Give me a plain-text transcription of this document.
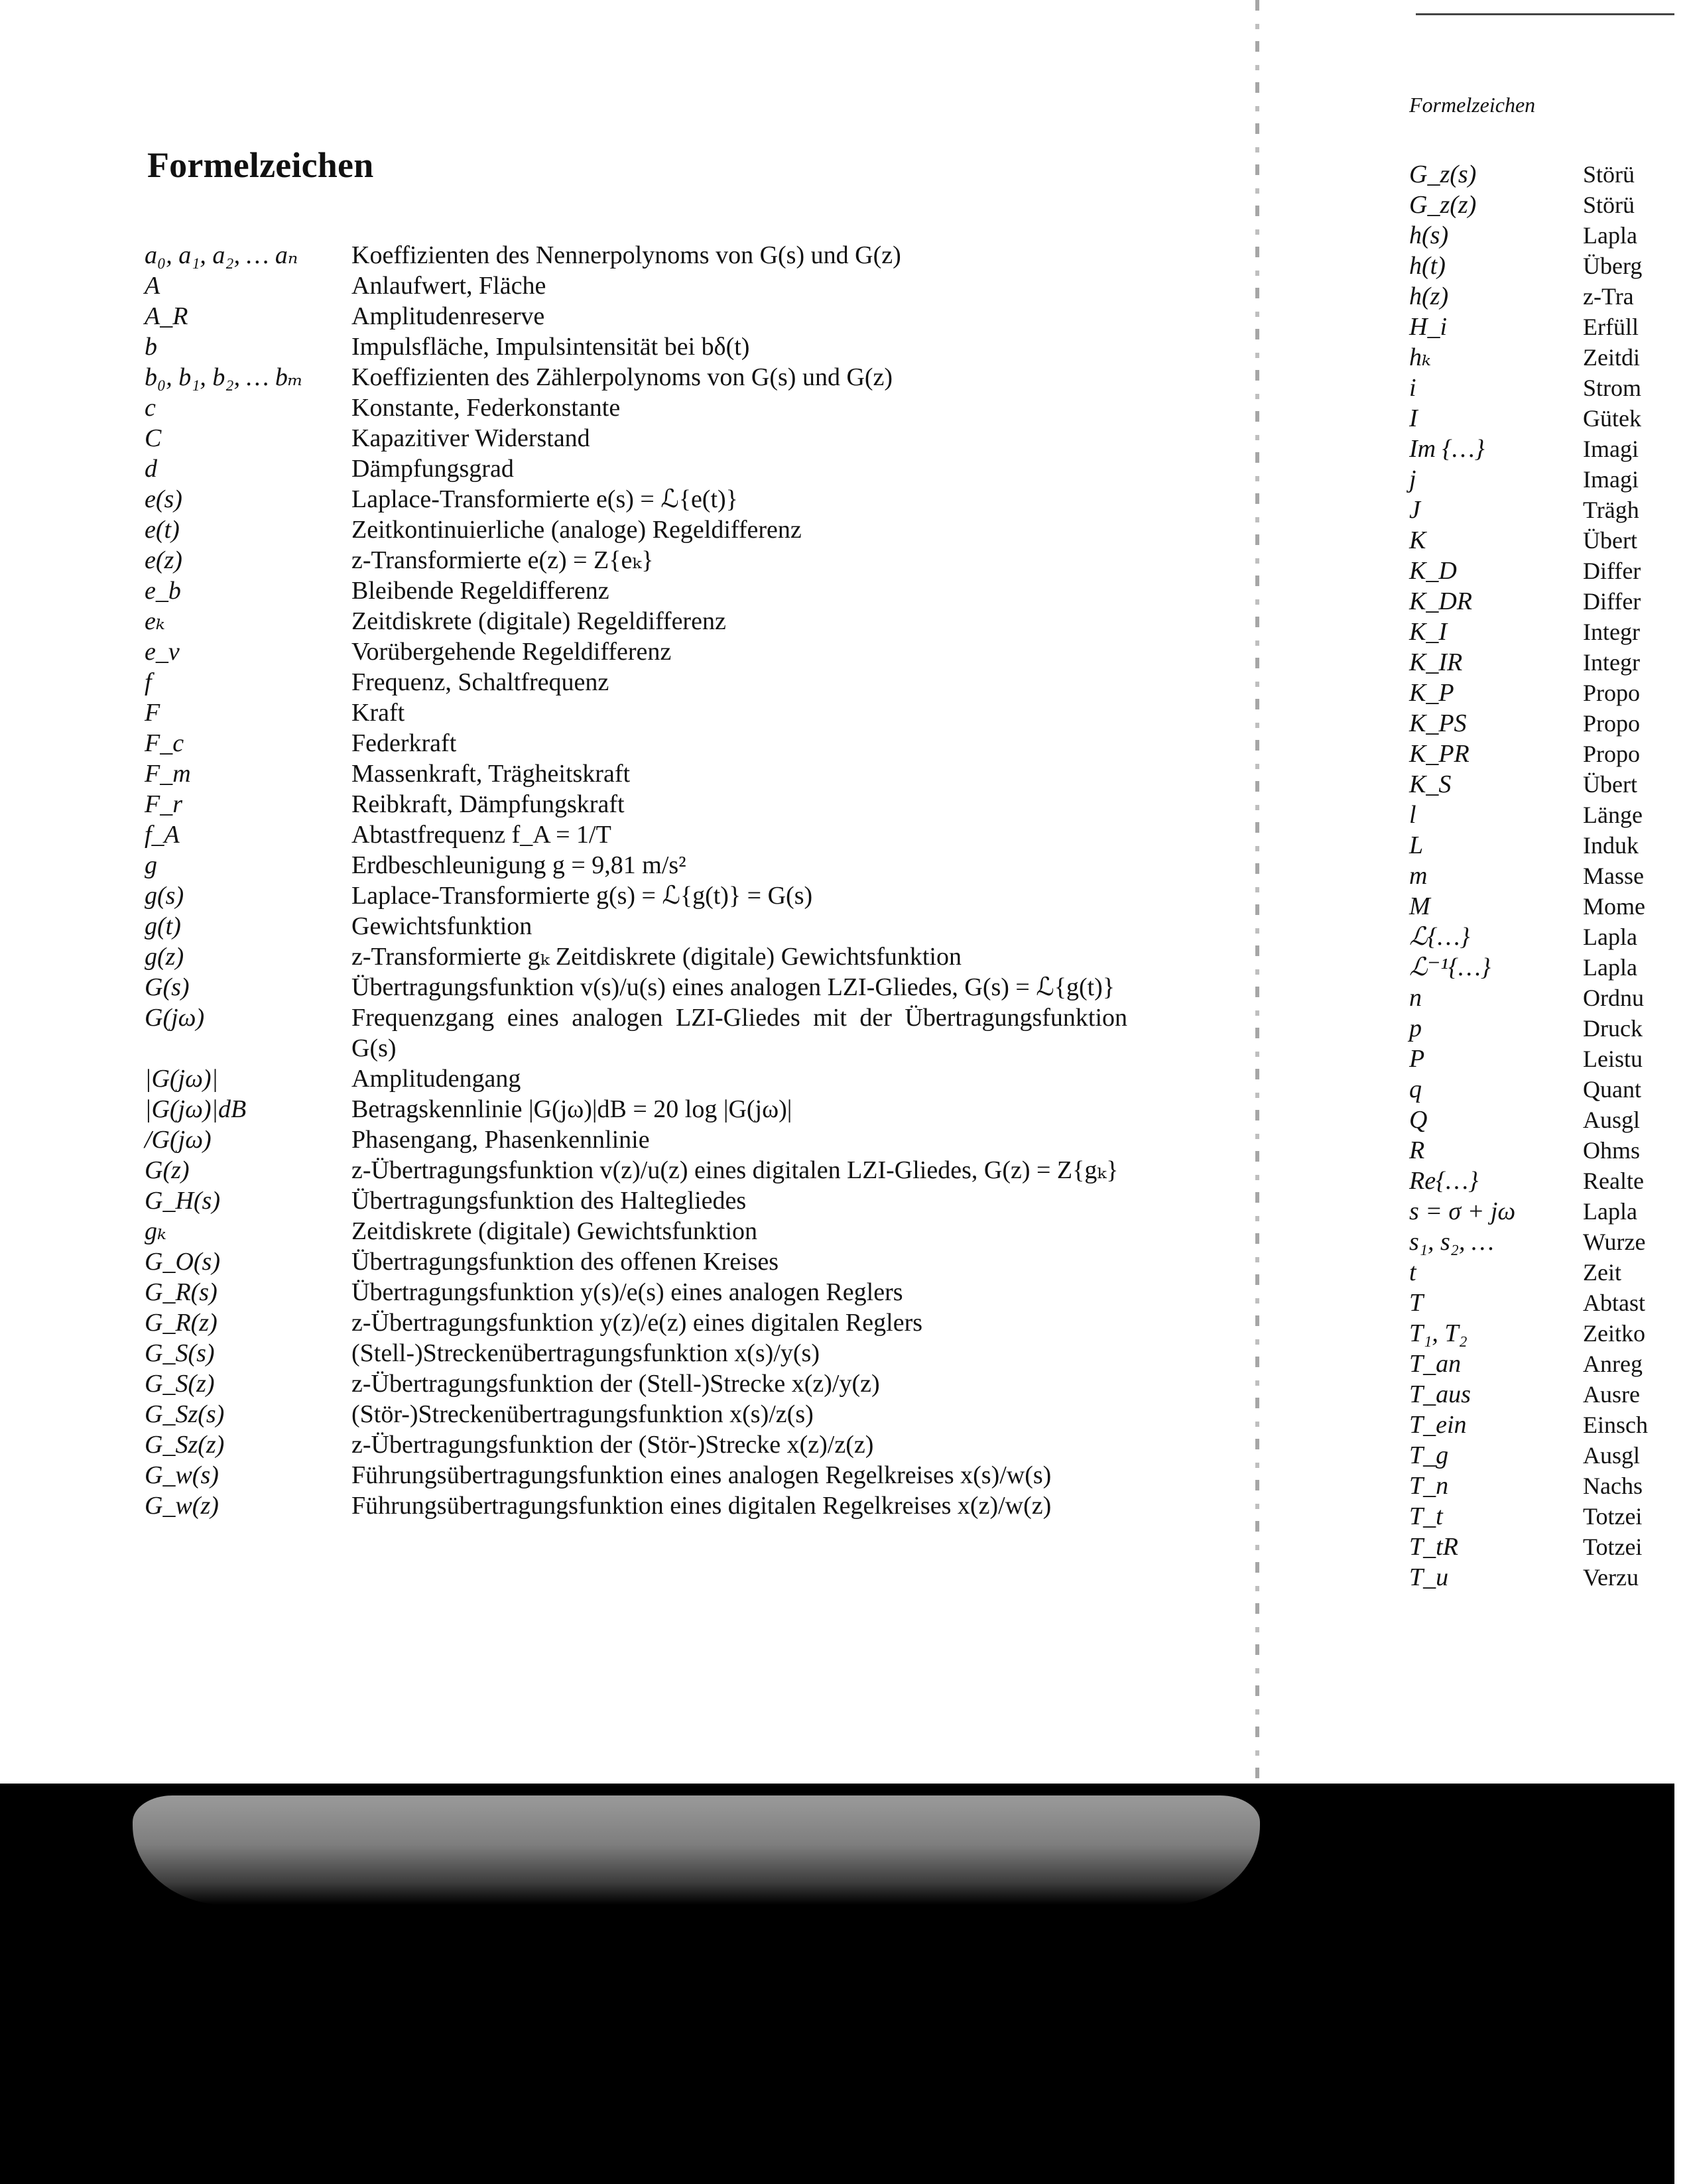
Formelzeichen
a₀, a₁, a₂, … aₙ	Koeffizienten des Nennerpolynoms von G(s) und G(z)
A	Anlaufwert, Fläche
A_R	Amplitudenreserve
b	Impulsfläche, Impulsintensität bei bδ(t)
b₀, b₁, b₂, … bₘ	Koeffizienten des Zählerpolynoms von G(s) und G(z)
c	Konstante, Federkonstante
C	Kapazitiver Widerstand
d	Dämpfungsgrad
e(s)	Laplace-Transformierte e(s) = ℒ{e(t)}
e(t)	Zeitkontinuierliche (analoge) Regeldifferenz
e(z)	z-Transformierte e(z) = Z{eₖ}
e_b	Bleibende Regeldifferenz
eₖ	Zeitdiskrete (digitale) Regeldifferenz
e_v	Vorübergehende Regeldifferenz
f	Frequenz, Schaltfrequenz
F	Kraft
F_c	Federkraft
F_m	Massenkraft, Trägheitskraft
F_r	Reibkraft, Dämpfungskraft
f_A	Abtastfrequenz f_A = 1/T
g	Erdbeschleunigung g = 9,81 m/s²
g(s)	Laplace-Transformierte g(s) = ℒ{g(t)} = G(s)
g(t)	Gewichtsfunktion
g(z)	z-Transformierte gₖ Zeitdiskrete (digitale) Gewichtsfunktion
G(s)	Übertragungsfunktion v(s)/u(s) eines analogen LZI-Gliedes, G(s) = ℒ{g(t)}
G(jω)	Frequenzgang eines analogen LZI-Gliedes mit der Übertragungsfunktion G(s)
|G(jω)|	Amplitudengang
|G(jω)|dB	Betragskennlinie |G(jω)|dB = 20 log |G(jω)|
/G(jω)	Phasengang, Phasenkennlinie
G(z)	z-Übertragungsfunktion v(z)/u(z) eines digitalen LZI-Gliedes, G(z) = Z{gₖ}
G_H(s)	Übertragungsfunktion des Haltegliedes
gₖ	Zeitdiskrete (digitale) Gewichtsfunktion
G_O(s)	Übertragungsfunktion des offenen Kreises
G_R(s)	Übertragungsfunktion y(s)/e(s) eines analogen Reglers
G_R(z)	z-Übertragungsfunktion y(z)/e(z) eines digitalen Reglers
G_S(s)	(Stell-)Streckenübertragungsfunktion x(s)/y(s)
G_S(z)	z-Übertragungsfunktion der (Stell-)Strecke x(z)/y(z)
G_Sz(s)	(Stör-)Streckenübertragungsfunktion x(s)/z(s)
G_Sz(z)	z-Übertragungsfunktion der (Stör-)Strecke x(z)/z(z)
G_w(s)	Führungsübertragungsfunktion eines analogen Regelkreises x(s)/w(s)
G_w(z)	Führungsübertragungsfunktion eines digitalen Regelkreises x(z)/w(z)
Formelzeichen
G_z(s)	Störü
G_z(z)	Störü
h(s)	Lapla
h(t)	Überg
h(z)	z-Tra
H_i	Erfüll
hₖ	Zeitdi
i	Strom
I	Gütek
Im {…}	Imagi
j	Imagi
J	Trägh
K	Übert
K_D	Differ
K_DR	Differ
K_I	Integr
K_IR	Integr
K_P	Propo
K_PS	Propo
K_PR	Propo
K_S	Übert
l	Länge
L	Induk
m	Masse
M	Mome
ℒ{…}	Lapla
ℒ⁻¹{…}	Lapla
n	Ordnu
p	Druck
P	Leistu
q	Quant
Q	Ausgl
R	Ohms
Re{…}	Realte
s = σ + jω	Lapla
s₁, s₂, …	Wurze
t	Zeit
T	Abtast
T₁, T₂	Zeitko
T_an	Anreg
T_aus	Ausre
T_ein	Einsch
T_g	Ausgl
T_n	Nachs
T_t	Totzei
T_tR	Totzei
T_u	Verzu
